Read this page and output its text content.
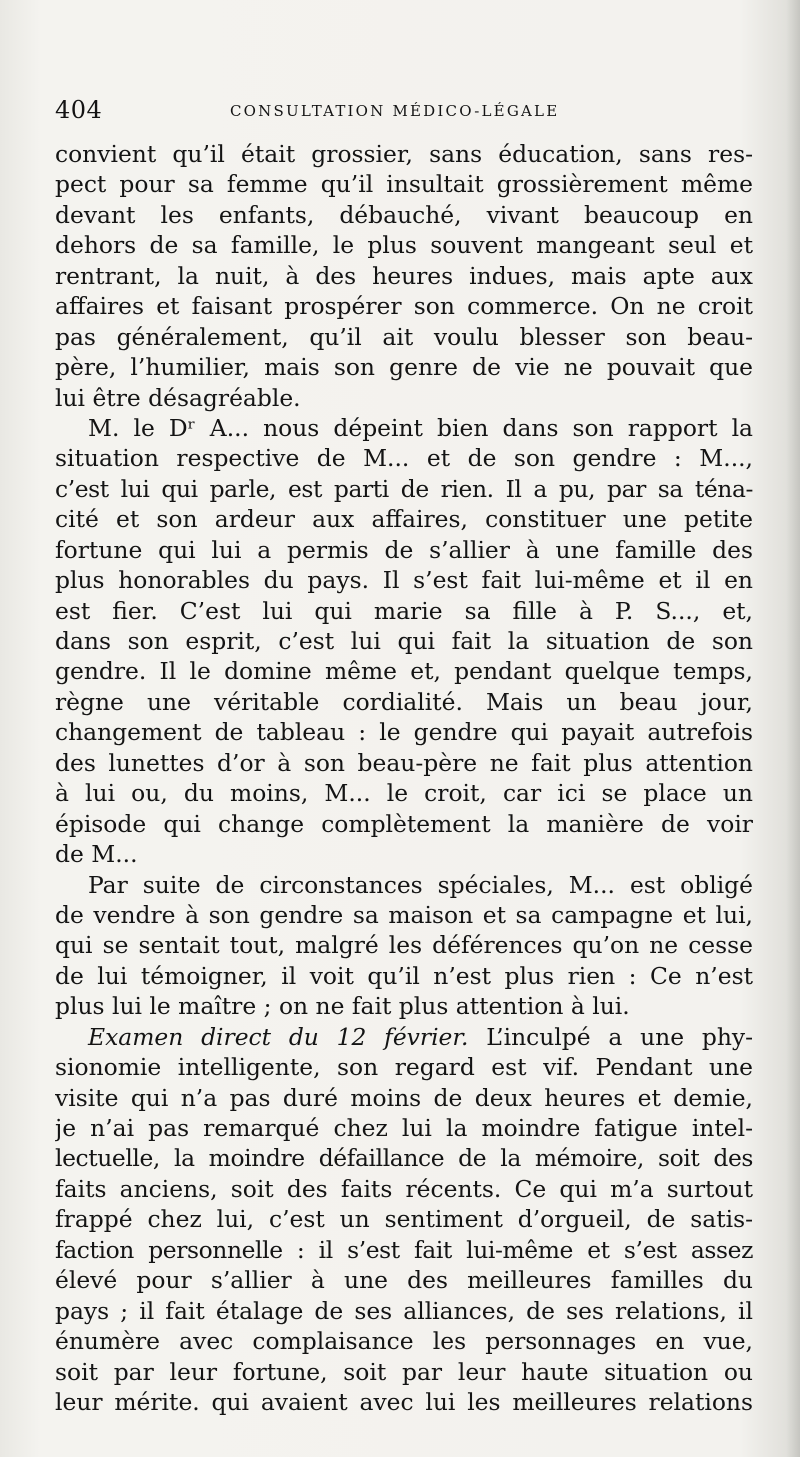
404	CONSULTATION MÉDICO-LÉGALE
convient qu’il était grossier, sans éducation, sans res-
pect pour sa femme qu’il insultait grossièrement même
devant les enfants, débauché, vivant beaucoup en
dehors de sa famille, le plus souvent mangeant seul et
rentrant, la nuit, à des heures indues, mais apte aux
affaires et faisant prospérer son commerce. On ne croit
pas généralement, qu’il ait voulu blesser son beau-
père, l’humilier, mais son genre de vie ne pouvait que
lui être désagréable.
M. le Dʳ A... nous dépeint bien dans son rapport la
situation respective de M... et de son gendre : M...,
c’est lui qui parle, est parti de rien. Il a pu, par sa téna-
cité et son ardeur aux affaires, constituer une petite
fortune qui lui a permis de s’allier à une famille des
plus honorables du pays. Il s’est fait lui-même et il en
est fier. C’est lui qui marie sa fille à P. S..., et,
dans son esprit, c’est lui qui fait la situation de son
gendre. Il le domine même et, pendant quelque temps,
règne une véritable cordialité. Mais un beau jour,
changement de tableau : le gendre qui payait autrefois
des lunettes d’or à son beau-père ne fait plus attention
à lui ou, du moins, M... le croit, car ici se place un
épisode qui change complètement la manière de voir
de M...
Par suite de circonstances spéciales, M... est obligé
de vendre à son gendre sa maison et sa campagne et lui,
qui se sentait tout, malgré les déférences qu’on ne cesse
de lui témoigner, il voit qu’il n’est plus rien : Ce n’est
plus lui le maître ; on ne fait plus attention à lui.
Examen direct du 12 février. L’inculpé a une phy-
sionomie intelligente, son regard est vif. Pendant une
visite qui n’a pas duré moins de deux heures et demie,
je n’ai pas remarqué chez lui la moindre fatigue intel-
lectuelle, la moindre défaillance de la mémoire, soit des
faits anciens, soit des faits récents. Ce qui m’a surtout
frappé chez lui, c’est un sentiment d’orgueil, de satis-
faction personnelle : il s’est fait lui-même et s’est assez
élevé pour s’allier à une des meilleures familles du
pays ; il fait étalage de ses alliances, de ses relations, il
énumère avec complaisance les personnages en vue,
soit par leur fortune, soit par leur haute situation ou
leur mérite. qui avaient avec lui les meilleures relations
